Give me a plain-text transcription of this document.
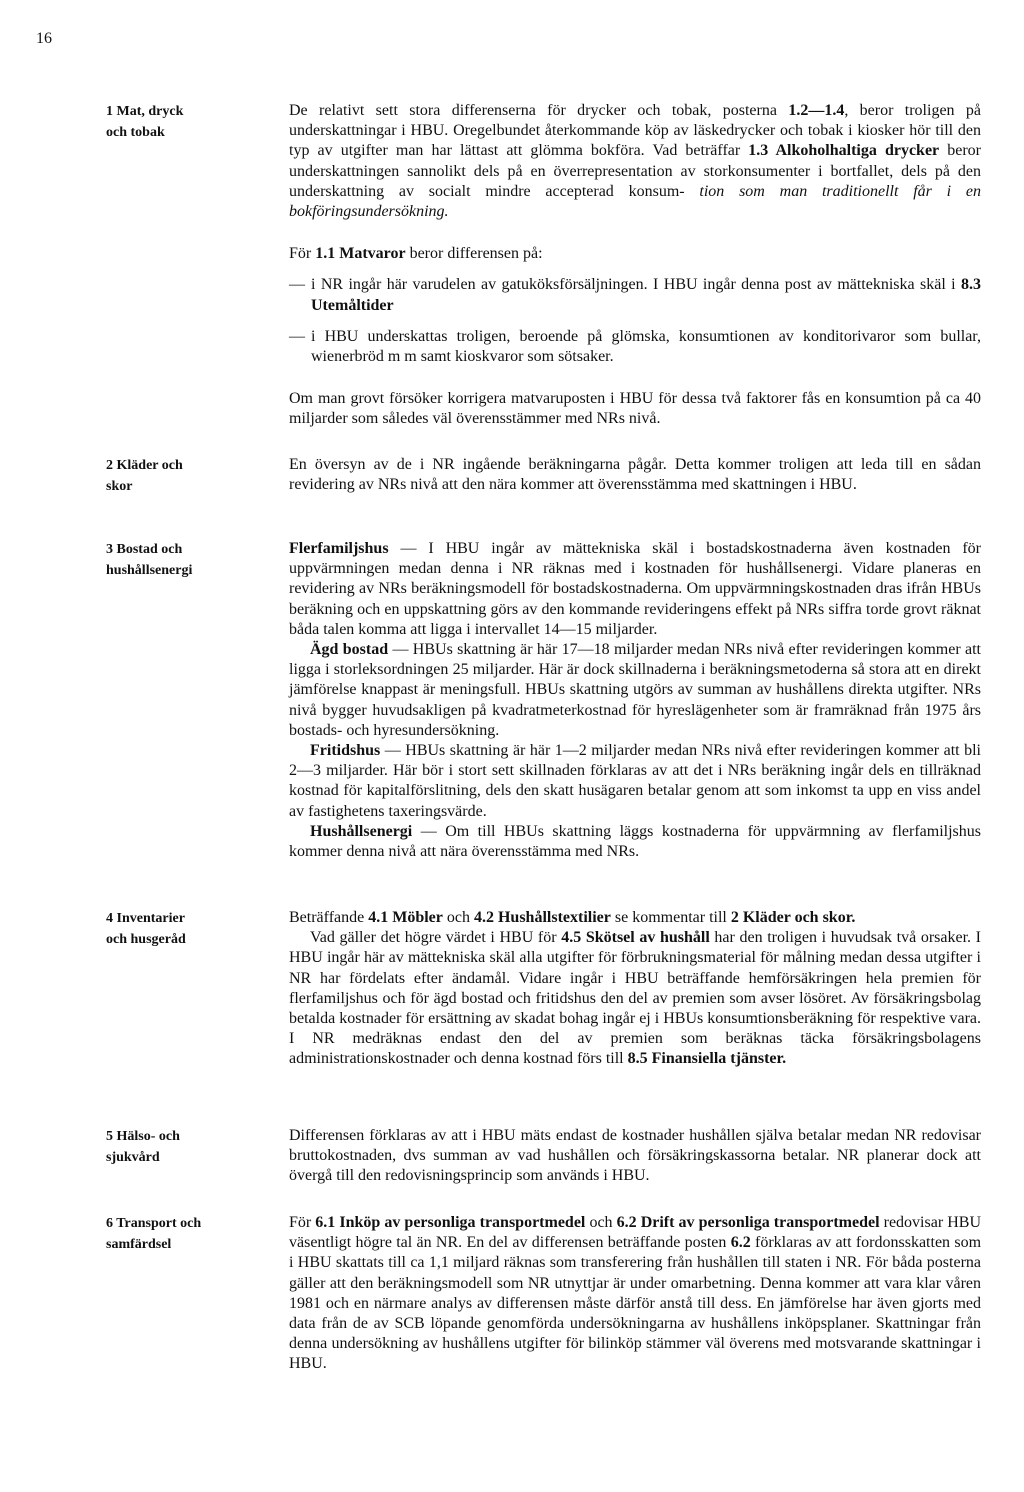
16
1 Mat, dryck
och tobak

De relativt sett stora differenserna för drycker och tobak, posterna 1.2—1.4, beror troligen på underskattningar i HBU. Oregelbundet återkommande köp av läskedrycker och tobak i kiosker hör till den typ av utgifter man har lättast att glömma bokföra. Vad beträffar 1.3 Alkoholhaltiga drycker beror underskattningen sannolikt dels på en överrepresentation av storkonsumenter i bortfallet, dels på den underskattning av socialt mindre accepterad konsum- tion som man traditionellt får i en bokföringsundersökning.

För 1.1 Matvaror beror differensen på:

— i NR ingår här varudelen av gatuköksförsäljningen. I HBU ingår denna post av mättekniska skäl i 8.3 Utemåltider
— i HBU underskattas troligen, beroende på glömska, konsumtionen av konditorivaror som bullar, wienerbröd m m samt kioskvaror som sötsaker.

Om man grovt försöker korrigera matvaruposten i HBU för dessa två faktorer fås en konsumtion på ca 40 miljarder som således väl överensstämmer med NRs nivå.

2 Kläder och
skor

En översyn av de i NR ingående beräkningarna pågår. Detta kommer troligen att leda till en sådan revidering av NRs nivå att den nära kommer att överensstämma med skattningen i HBU.

3 Bostad och
hushållsenergi

Flerfamiljshus — I HBU ingår av mättekniska skäl i bostadskostnaderna även kostnaden för uppvärmningen medan denna i NR räknas med i kostnaden för hushållsenergi. Vidare planeras en revidering av NRs beräkningsmodell för bostadskostnaderna. Om uppvärmningskostnaden dras ifrån HBUs beräkning och en uppskattning görs av den kommande revideringens effekt på NRs siffra torde grovt räknat båda talen komma att ligga i intervallet 14—15 miljarder.

Ägd bostad — HBUs skattning är här 17—18 miljarder medan NRs nivå efter revideringen kommer att ligga i storleksordningen 25 miljarder. Här är dock skillnaderna i beräkningsmetoderna så stora att en direkt jämförelse knappast är meningsfull. HBUs skattning utgörs av summan av hushållens direkta utgifter. NRs nivå bygger huvudsakligen på kvadratmeterkostnad för hyreslägenheter som är framräknad från 1975 års bostads- och hyresundersökning.

Fritidshus — HBUs skattning är här 1—2 miljarder medan NRs nivå efter revideringen kommer att bli 2—3 miljarder. Här bör i stort sett skillnaden förklaras av att det i NRs beräkning ingår dels en tillräknad kostnad för kapitalförslitning, dels den skatt husägaren betalar genom att som inkomst ta upp en viss andel av fastighetens taxeringsvärde.

Hushållsenergi — Om till HBUs skattning läggs kostnaderna för uppvärmning av flerfamiljshus kommer denna nivå att nära överensstämma med NRs.

4 Inventarier
och husgeråd

Beträffande 4.1 Möbler och 4.2 Hushållstextilier se kommentar till 2 Kläder och skor.

Vad gäller det högre värdet i HBU för 4.5 Skötsel av hushåll har den troligen i huvudsak två orsaker. I HBU ingår här av mättekniska skäl alla utgifter för förbrukningsmaterial för målning medan dessa utgifter i NR har fördelats efter ändamål. Vidare ingår i HBU beträffande hemförsäkringen hela premien för flerfamiljshus och för ägd bostad och fritidshus den del av premien som avser lösöret. Av försäkringsbolag betalda kostnader för ersättning av skadat bohag ingår ej i HBUs konsumtionsberäkning för respektive vara. I NR medräknas endast den del av premien som beräknas täcka försäkringsbolagens administrationskostnader och denna kostnad förs till 8.5 Finansiella tjänster.

5 Hälso- och
sjukvård

Differensen förklaras av att i HBU mäts endast de kostnader hushållen själva betalar medan NR redovisar bruttokostnaden, dvs summan av vad hushållen och försäkringskassorna betalar. NR planerar dock att övergå till den redovisningsprincip som används i HBU.

6 Transport och
samfärdsel

För 6.1 Inköp av personliga transportmedel och 6.2 Drift av personliga transportmedel redovisar HBU väsentligt högre tal än NR. En del av differensen beträffande posten 6.2 förklaras av att fordonsskatten som i HBU skattats till ca 1,1 miljard räknas som transferering från hushållen till staten i NR. För båda posterna gäller att den beräkningsmodell som NR utnyttjar är under omarbetning. Denna kommer att vara klar våren 1981 och en närmare analys av differensen måste därför anstå till dess. En jämförelse har även gjorts med data från de av SCB löpande genomförda undersökningarna av hushållens inköpsplaner. Skattningar från denna undersökning av hushållens utgifter för bilinköp stämmer väl överens med motsvarande skattningar i HBU.
